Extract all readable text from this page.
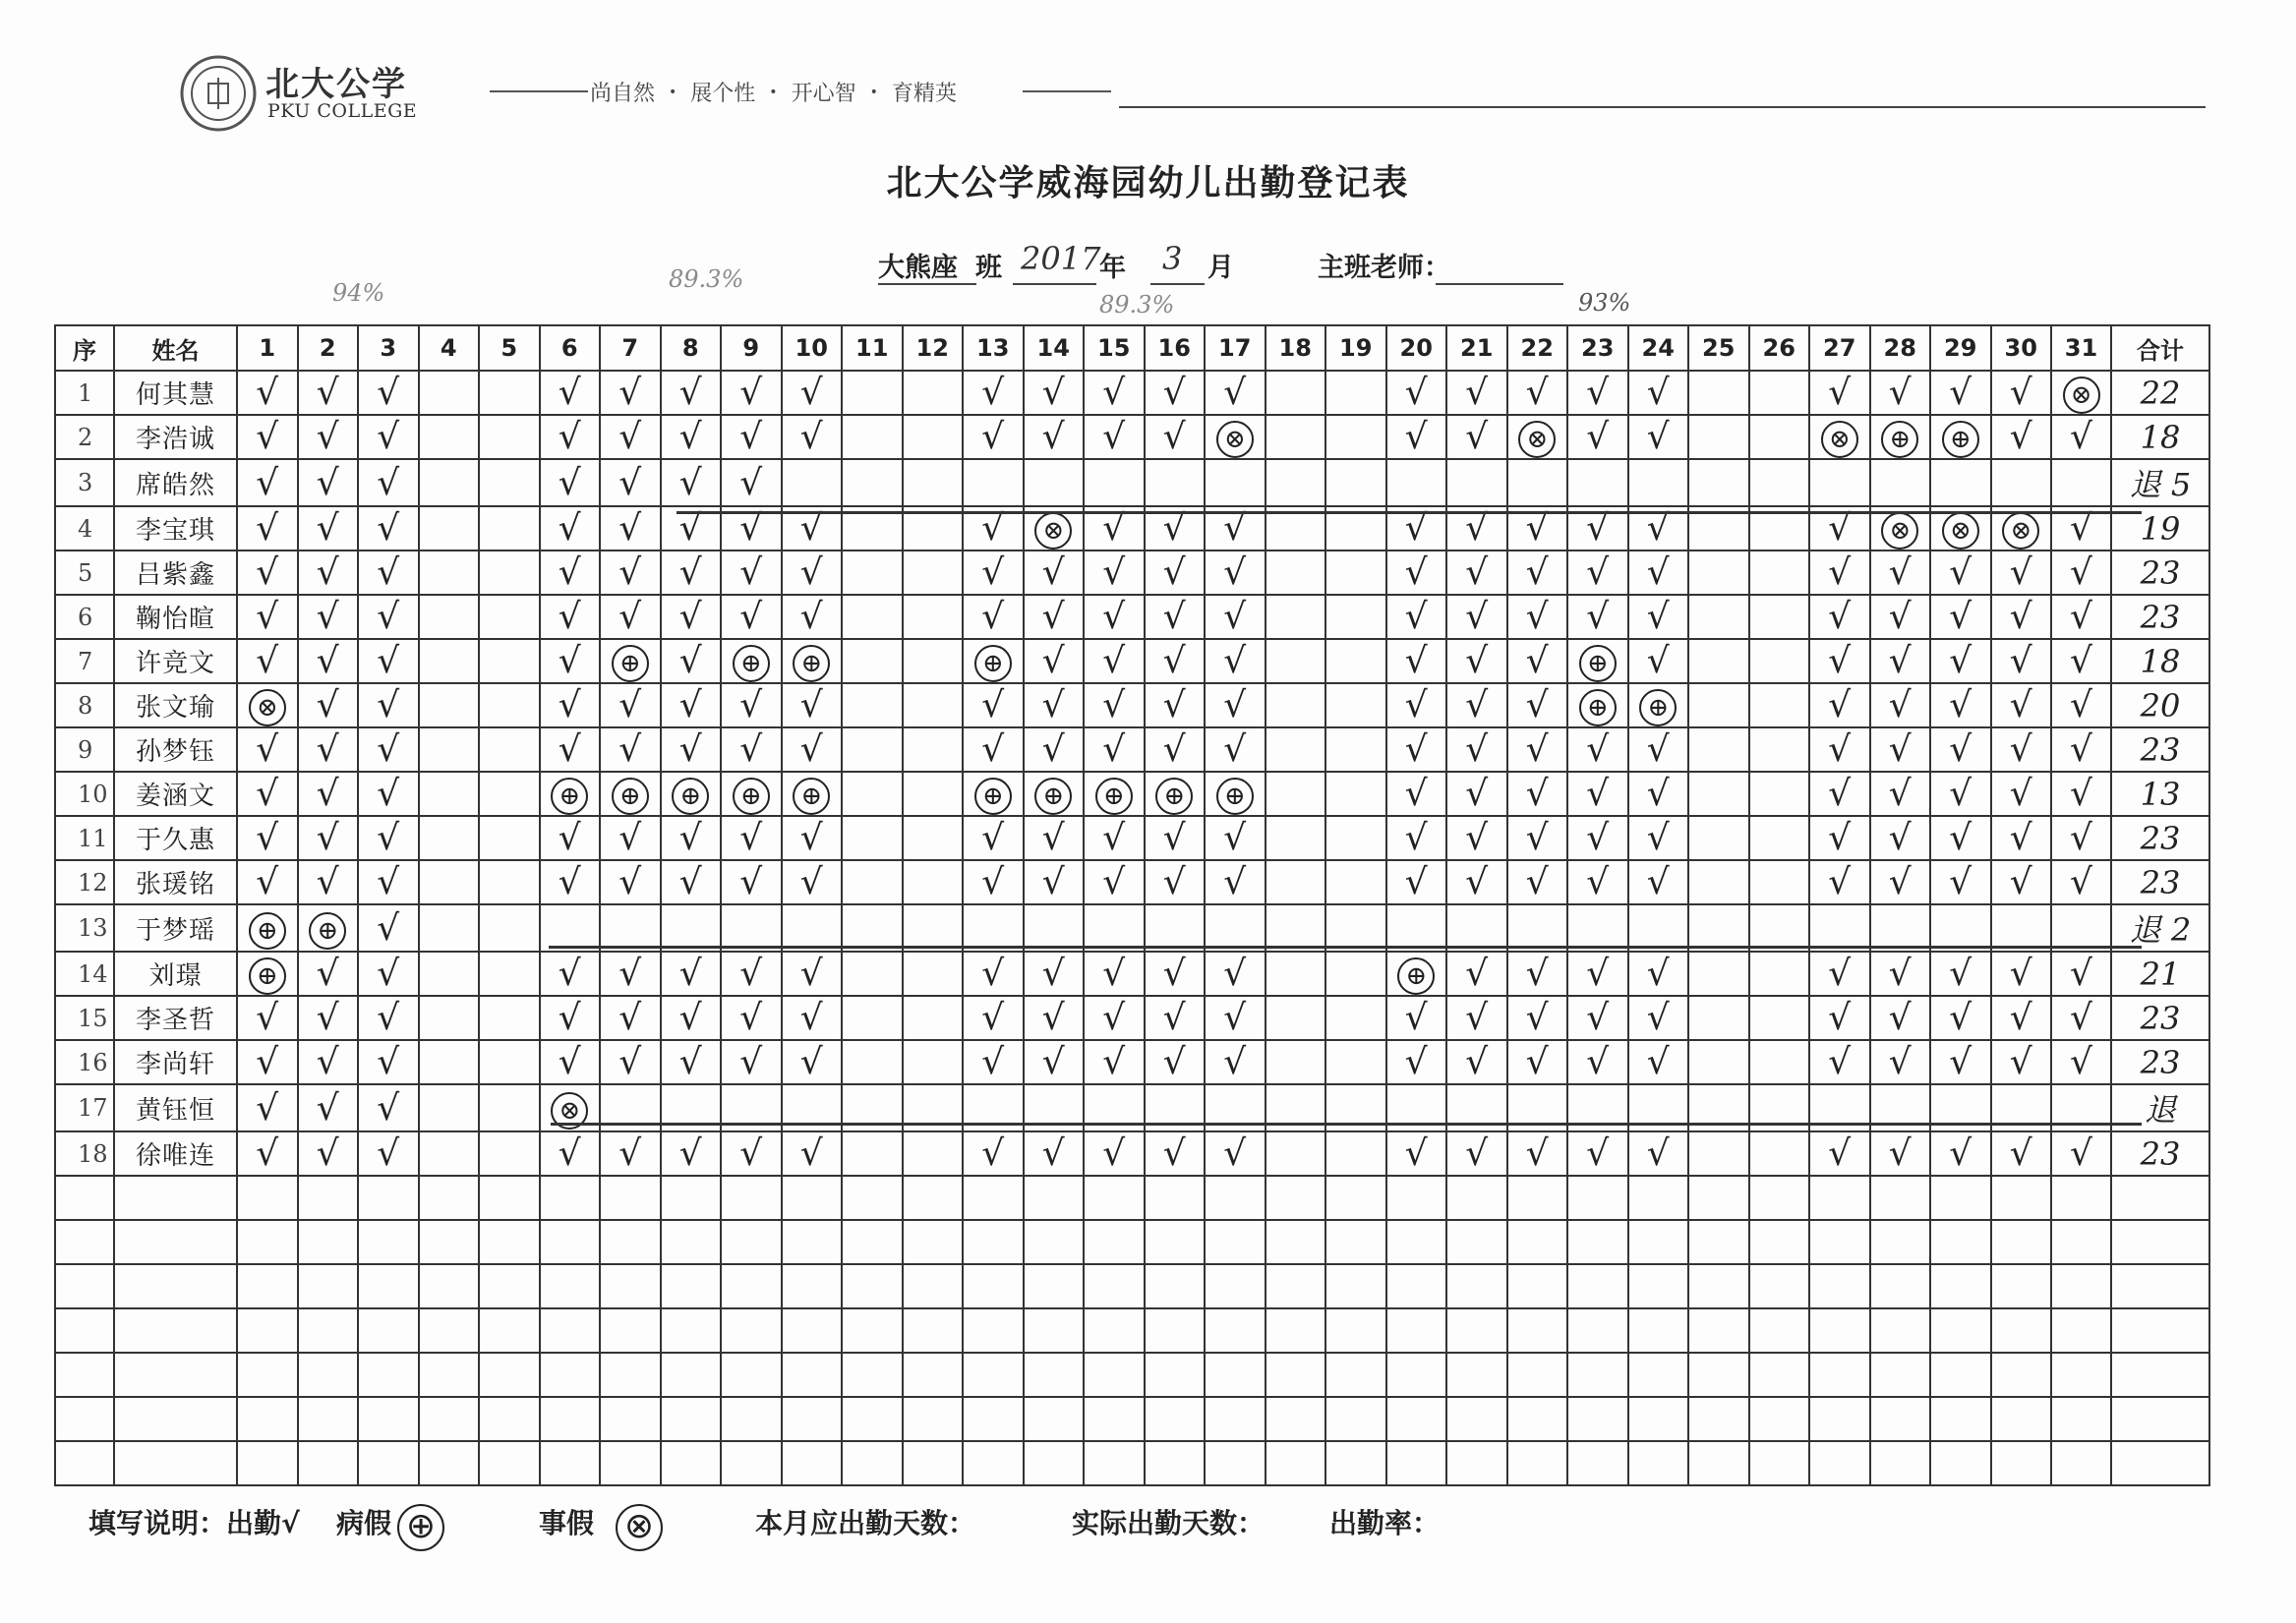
北大公学
PKU COLLEGE
尚自然 • 展个性 • 开心智 • 育精英
北大公学威海园幼儿出勤登记表
大熊座 班 2017
年 3 月	主班老师：
94%	89.3%
89.3%	93%
序	姓名	1	2	3	4	5	6	7	8	9	10	11	12	13	14	15	16	17	18	19	20	21	22	23	24	25	26	27	28	29	30	31	合计
1	何其慧	√	√	√			√	√	√	√	√			√	√	√	√	√			√	√	√	√	√			√	√	√	√	⊗	22
2	李浩诚	√	√	√			√	√	√	√	√			√	√	√	√	⊗			√	√	⊗	√	√			⊗	⊕	⊕	√	√	18
3	席皓然	√	√	√			√	√	√	√																							退 5
4	李宝琪	√	√	√			√	√	√	√	√			√	⊗	√	√	√			√	√	√	√	√			√	⊗	⊗	⊗	√	19
5	吕紫鑫	√	√	√			√	√	√	√	√			√	√	√	√	√			√	√	√	√	√			√	√	√	√	√	23
6	鞠怡暄	√	√	√			√	√	√	√	√			√	√	√	√	√			√	√	√	√	√			√	√	√	√	√	23
7	许竞文	√	√	√			√	⊕	√	⊕	⊕			⊕	√	√	√	√			√	√	√	⊕	√			√	√	√	√	√	18
8	张文瑜	⊗	√	√			√	√	√	√	√			√	√	√	√	√			√	√	√	⊕	⊕			√	√	√	√	√	20
9	孙梦钰	√	√	√			√	√	√	√	√			√	√	√	√	√			√	√	√	√	√			√	√	√	√	√	23
10	姜涵文	√	√	√			⊕	⊕	⊕	⊕	⊕			⊕	⊕	⊕	⊕	⊕			√	√	√	√	√			√	√	√	√	√	13
11	于久惠	√	√	√			√	√	√	√	√			√	√	√	√	√			√	√	√	√	√			√	√	√	√	√	23
12	张瑗铭	√	√	√			√	√	√	√	√			√	√	√	√	√			√	√	√	√	√			√	√	√	√	√	23
13	于梦瑶	⊕	⊕	√																													退 2
14	刘璟	⊕	√	√			√	√	√	√	√			√	√	√	√	√			⊕	√	√	√	√			√	√	√	√	√	21
15	李圣哲	√	√	√			√	√	√	√	√			√	√	√	√	√			√	√	√	√	√			√	√	√	√	√	23
16	李尚轩	√	√	√			√	√	√	√	√			√	√	√	√	√			√	√	√	√	√			√	√	√	√	√	23
17	黄钰恒	√	√	√			⊗																										退
18	徐唯连	√	√	√			√	√	√	√	√			√	√	√	√	√			√	√	√	√	√			√	√	√	√	√	23

填写说明：出勤√ 病假 ⊕	事假 ⊗	本月应出勤天数：	实际出勤天数： 出勤率：
